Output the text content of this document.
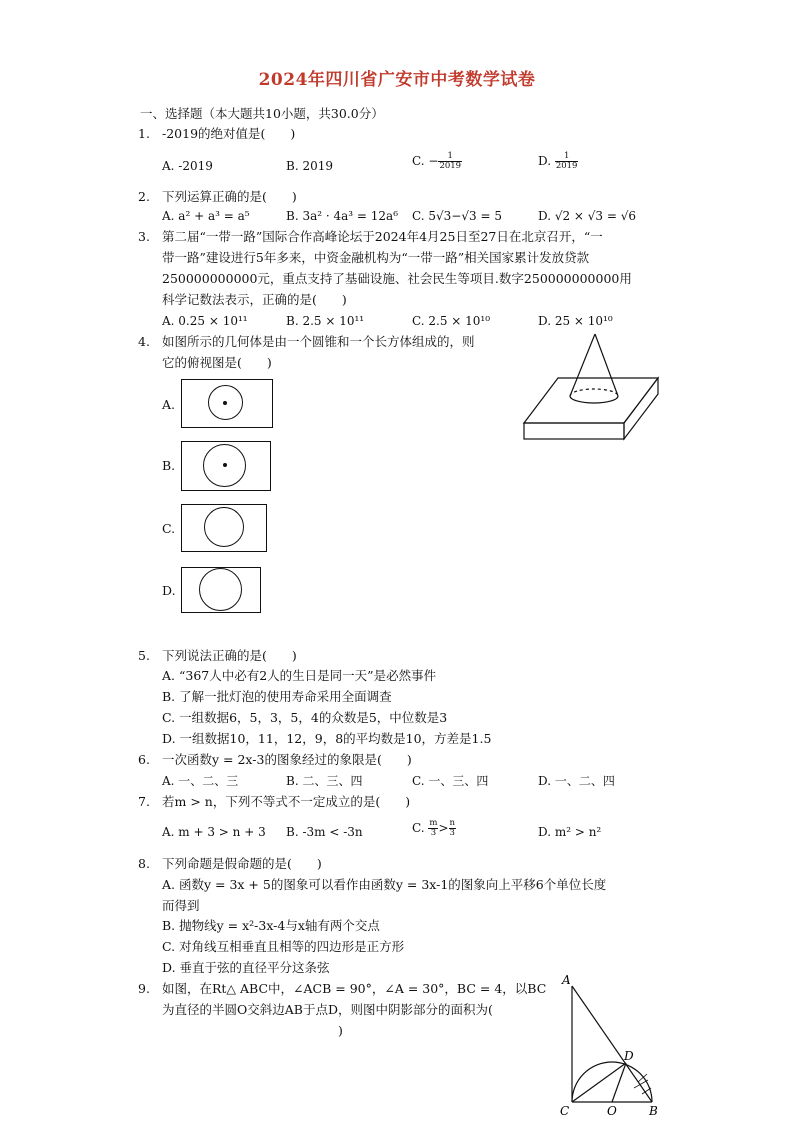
2024年四川省广安市中考数学试卷
一、选择题（本大题共10小题，共30.0分）
1. -2019的绝对值是(　　)
A. -2019	B. 2019	C. − $\frac{1}{2019}$	D. $\frac{1}{2019}$
2. 下列运算正确的是(　　)
A. a² + a³ = a⁵	B. 3a² · 4a³ = 12a⁶ C. 5√3−√3 = 5	D. √2 × √3 = √6
3. 第二届“一带一路”国际合作高峰论坛于2024年4月25日至27日在北京召开，“一
带一路”建设进行5年多来，中资金融机构为“一带一路”相关国家累计发放贷款
250000000000元，重点支持了基础设施、社会民生等项目.数字250000000000用
科学记数法表示，正确的是(　　)
A. 0.25 × 10¹¹	B. 2.5 × 10¹¹	C. 2.5 × 10¹⁰	D. 25 × 10¹⁰
4. 如图所示的几何体是由一个圆锥和一个长方体组成的，则
它的俯视图是(　　)
A.
B.
C.
D.
5. 下列说法正确的是(　　)
A. “367人中必有2人的生日是同一天”是必然事件
B. 了解一批灯泡的使用寿命采用全面调查
C. 一组数据6，5，3，5，4的众数是5，中位数是3
D. 一组数据10，11，12，9，8的平均数是10，方差是1.5
6. 一次函数y = 2x-3的图象经过的象限是(　　)
A. 一、二、三	B. 二、三、四	C. 一、三、四	D. 一、二、四
7. 若m > n，下列不等式不一定成立的是(　　)
A. m + 3 > n + 3 B. -3m < -3n	C. $\frac{m}{3} > \frac{n}{3}$	D. m² > n²
8. 下列命题是假命题的是(　　)
A. 函数y = 3x + 5的图象可以看作由函数y = 3x-1的图象向上平移6个单位长度
而得到
B. 抛物线y = x²-3x-4与x轴有两个交点
C. 对角线互相垂直且相等的四边形是正方形
D. 垂直于弦的直径平分这条弦
9. 如图，在Rt△ ABC中，∠ACB = 90°，∠A = 30°，BC = 4，以BC
为直径的半圆O交斜边AB于点D，则图中阴影部分的面积为(
)
A
D
C	O	B
